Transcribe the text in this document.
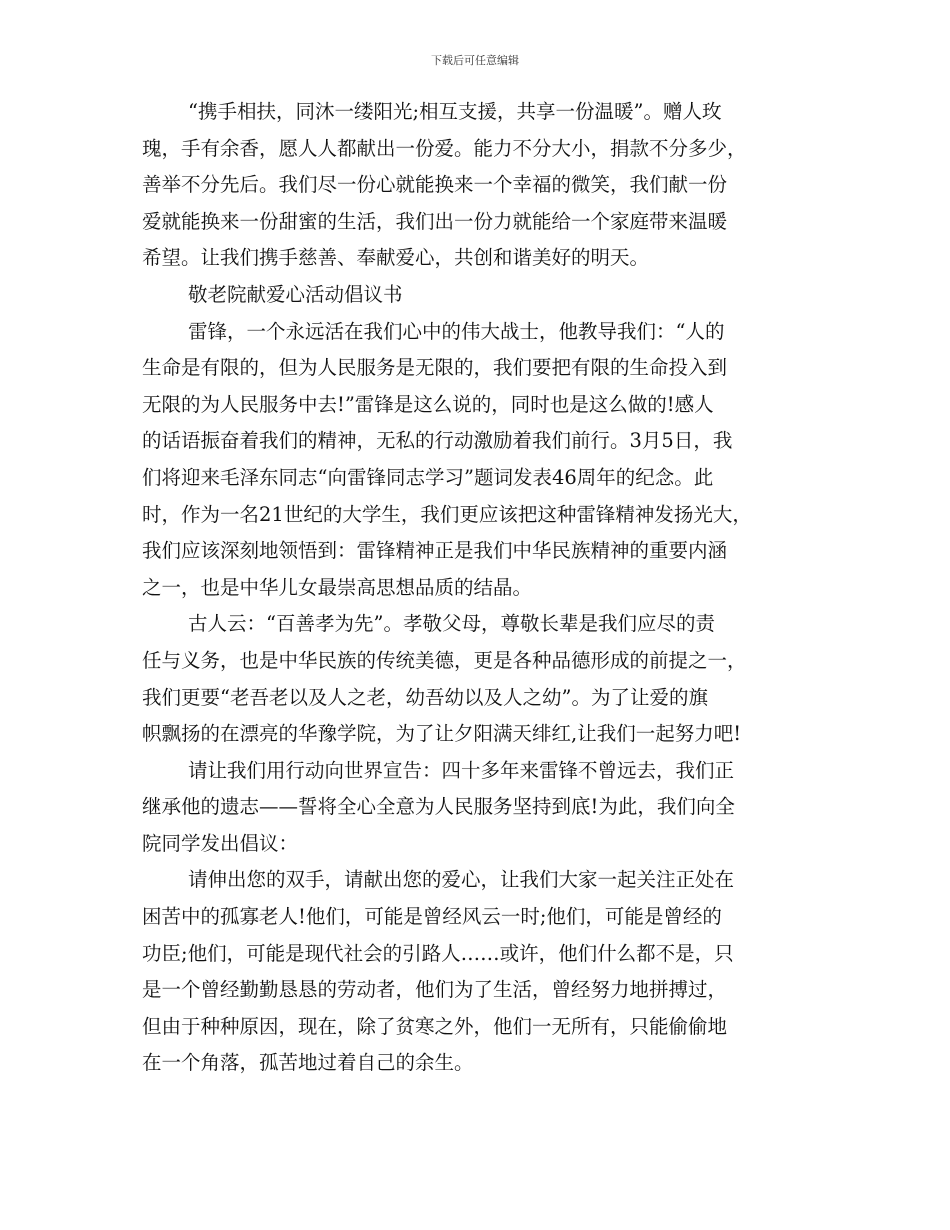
下载后可任意编辑
“携手相扶，同沐一缕阳光;相互支援，共享一份温暖”。赠人玫
瑰，手有余香，愿人人都献出一份爱。能力不分大小，捐款不分多少，
善举不分先后。我们尽一份心就能换来一个幸福的微笑，我们献一份
爱就能换来一份甜蜜的生活，我们出一份力就能给一个家庭带来温暖
希望。让我们携手慈善、奉献爱心，共创和谐美好的明天。
敬老院献爱心活动倡议书
雷锋，一个永远活在我们心中的伟大战士，他教导我们：“人的
生命是有限的，但为人民服务是无限的，我们要把有限的生命投入到
无限的为人民服务中去!”雷锋是这么说的，同时也是这么做的!感人
的话语振奋着我们的精神，无私的行动激励着我们前行。3月5日，我
们将迎来毛泽东同志“向雷锋同志学习”题词发表46周年的纪念。此
时，作为一名21世纪的大学生，我们更应该把这种雷锋精神发扬光大，
我们应该深刻地领悟到：雷锋精神正是我们中华民族精神的重要内涵
之一，也是中华儿女最崇高思想品质的结晶。
古人云：“百善孝为先”。孝敬父母，尊敬长辈是我们应尽的责
任与义务，也是中华民族的传统美德，更是各种品德形成的前提之一，
我们更要“老吾老以及人之老，幼吾幼以及人之幼”。为了让爱的旗
帜飘扬的在漂亮的华豫学院，为了让夕阳满天绯红,让我们一起努力吧!
请让我们用行动向世界宣告：四十多年来雷锋不曾远去，我们正
继承他的遗志——誓将全心全意为人民服务坚持到底!为此，我们向全
院同学发出倡议：
请伸出您的双手，请献出您的爱心，让我们大家一起关注正处在
困苦中的孤寡老人!他们，可能是曾经风云一时;他们，可能是曾经的
功臣;他们，可能是现代社会的引路人……或许，他们什么都不是，只
是一个曾经勤勤恳恳的劳动者，他们为了生活，曾经努力地拼搏过，
但由于种种原因，现在，除了贫寒之外，他们一无所有，只能偷偷地
在一个角落，孤苦地过着自己的余生。
